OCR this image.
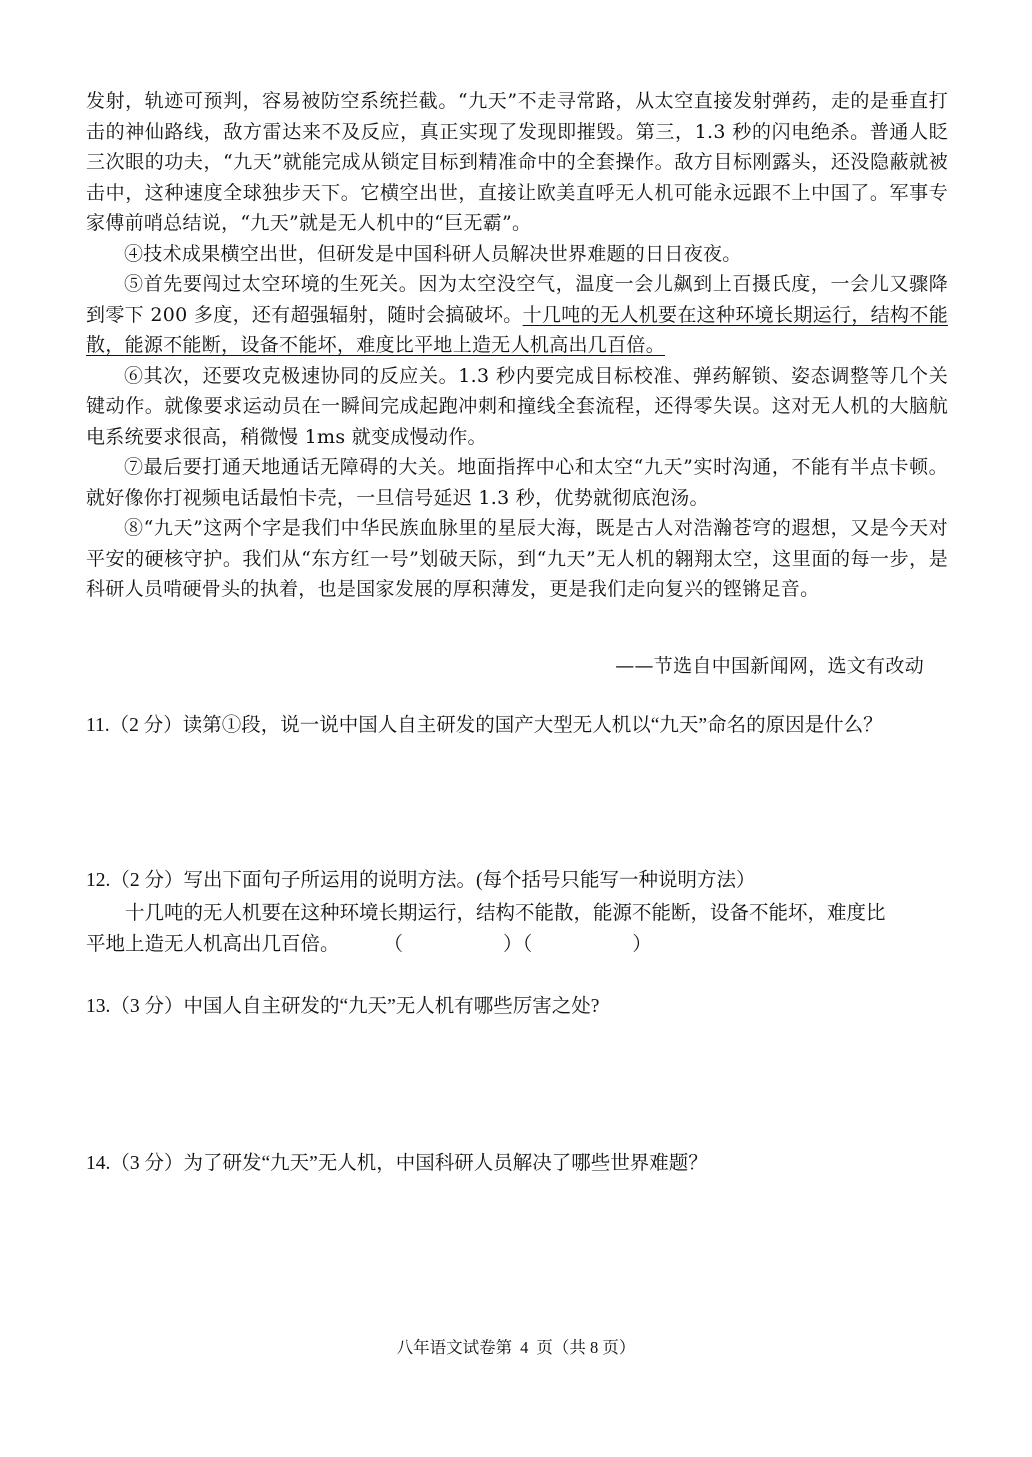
发射，轨迹可预判，容易被防空系统拦截。“九天”不走寻常路，从太空直接发射弹药，走的是垂直打击的神仙路线，敌方雷达来不及反应，真正实现了发现即摧毁。第三，1.3 秒的闪电绝杀。普通人眨三次眼的功夫，“九天”就能完成从锁定目标到精准命中的全套操作。敌方目标刚露头，还没隐蔽就被击中，这种速度全球独步天下。它横空出世，直接让欧美直呼无人机可能永远跟不上中国了。军事专家傅前哨总结说，“九天”就是无人机中的“巨无霸”。

④技术成果横空出世，但研发是中国科研人员解决世界难题的日日夜夜。

⑤首先要闯过太空环境的生死关。因为太空没空气，温度一会儿飙到上百摄氏度，一会儿又骤降到零下 200 多度，还有超强辐射，随时会搞破坏。十几吨的无人机要在这种环境长期运行，结构不能散，能源不能断，设备不能坏，难度比平地上造无人机高出几百倍。

⑥其次，还要攻克极速协同的反应关。1.3 秒内要完成目标校准、弹药解锁、姿态调整等几个关键动作。就像要求运动员在一瞬间完成起跑冲刺和撞线全套流程，还得零失误。这对无人机的大脑航电系统要求很高，稍微慢 1ms 就变成慢动作。

⑦最后要打通天地通话无障碍的大关。地面指挥中心和太空“九天”实时沟通，不能有半点卡顿。就好像你打视频电话最怕卡壳，一旦信号延迟 1.3 秒，优势就彻底泡汤。

⑧“九天”这两个字是我们中华民族血脉里的星辰大海，既是古人对浩瀚苍穹的遐想，又是今天对平安的硬核守护。我们从“东方红一号”划破天际，到“九天”无人机的翱翔太空，这里面的每一步，是科研人员啃硬骨头的执着，也是国家发展的厚积薄发，更是我们走向复兴的铿锵足音。

——节选自中国新闻网，选文有改动
11.（2 分）读第①段，说一说中国人自主研发的国产大型无人机以“九天”命名的原因是什么？
12.（2 分）写出下面句子所运用的说明方法。(每个括号只能写一种说明方法）
十几吨的无人机要在这种环境长期运行，结构不能散，能源不能断，设备不能坏，难度比
平地上造无人机高出几百倍。 （	）（	）
13.（3 分）中国人自主研发的“九天”无人机有哪些厉害之处?
14.（3 分）为了研发“九天”无人机，中国科研人员解决了哪些世界难题？
八年语文试卷第 4 页（共 8 页）
